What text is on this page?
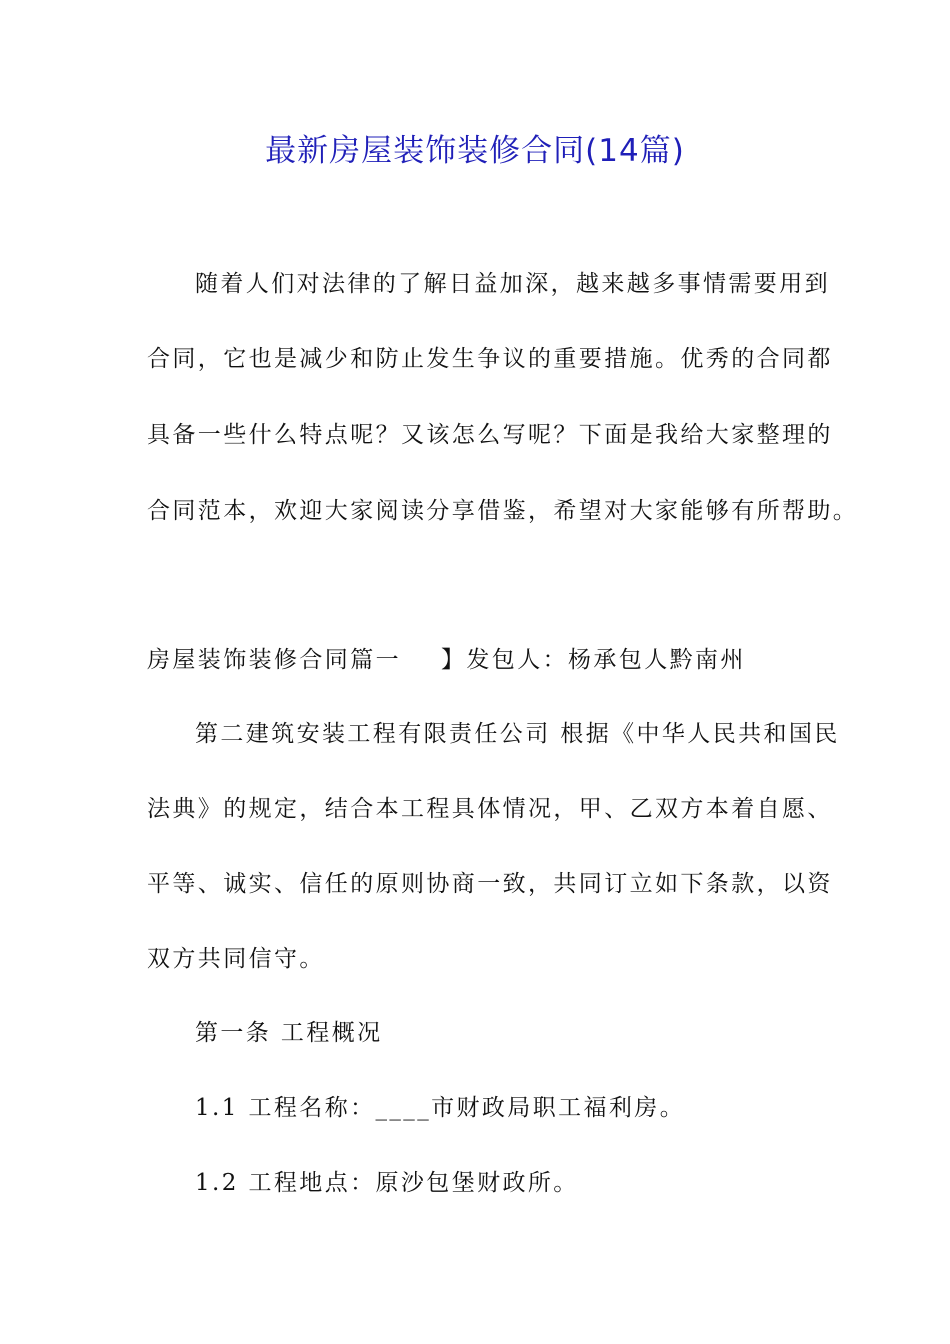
最新房屋装饰装修合同(14篇)
随着人们对法律的了解日益加深，越来越多事情需要用到
合同，它也是减少和防止发生争议的重要措施。优秀的合同都
具备一些什么特点呢？又该怎么写呢？下面是我给大家整理的
合同范本，欢迎大家阅读分享借鉴，希望对大家能够有所帮助。
房屋装饰装修合同篇一 】发包人：杨承包人黔南州
第二建筑安装工程有限责任公司 根据《中华人民共和国民
法典》的规定，结合本工程具体情况，甲、乙双方本着自愿、
平等、诚实、信任的原则协商一致，共同订立如下条款，以资
双方共同信守。
第一条 工程概况
1.1 工程名称：____市财政局职工福利房。
1.2 工程地点：原沙包堡财政所。
